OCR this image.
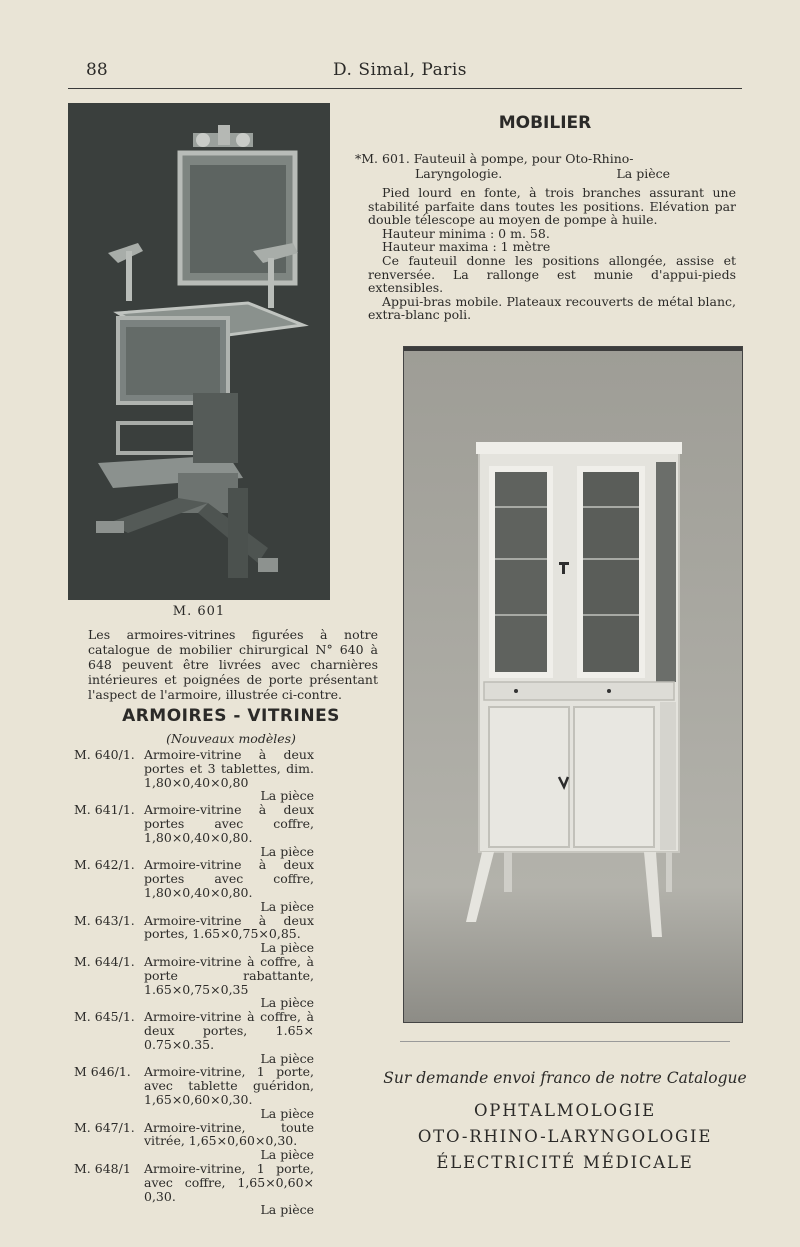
88	D. Simal, Paris
M. 601

Les armoires-vitrines figurées à notre catalogue de mobilier chirurgical N° 640 à 648 peuvent être livrées avec charnières intérieures et poignées de porte présentant l'aspect de l'armoire, illustrée ci-contre.

ARMOIRES - VITRINES
(Nouveaux modèles)
M. 640/1. Armoire-vitrine à deux portes et 3 tablettes, dim. 1,80×0,40×0,80
La pièce
M. 641/1. Armoire-vitrine à deux portes avec coffre, 1,80×0,40×0,80.
La pièce
M. 642/1. Armoire-vitrine à deux portes avec coffre, 1,80×0,40×0,80.
La pièce
M. 643/1. Armoire-vitrine à deux portes, 1.65×0,75×0,85.
La pièce
M. 644/1. Armoire-vitrine à coffre, à porte rabattante, 1.65×0,75×0,35
La pièce
M. 645/1. Armoire-vitrine à coffre, à deux portes, 1.65× 0.75×0.35.
La pièce
M 646/1.	Armoire-vitrine, 1 porte, avec tablette guéridon, 1,65×0,60×0,30.
La pièce
M. 647/1. Armoire-vitrine, toute vitrée, 1,65×0,60×0,30.
La pièce
M. 648/1	Armoire-vitrine, 1 porte, avec coffre, 1,65×0,60× 0,30.
La pièce
MOBILIER
*M. 601. Fauteuil à pompe, pour Oto-Rhino-
Laryngologie.	La pièce

Pied lourd en fonte, à trois branches assurant une stabilité parfaite dans toutes les positions. Elévation par double télescope au moyen de pompe à huile.

Hauteur minima : 0 m. 58.

Hauteur maxima : 1 mètre

Ce fauteuil donne les positions allongée, assise et renversée. La rallonge est munie d'appui-pieds extensibles.

Appui-bras mobile. Plateaux recouverts de métal blanc, extra-blanc poli.

Sur demande envoi franco de notre Catalogue
OPHTALMOLOGIE
OTO-RHINO-LARYNGOLOGIE
ÉLECTRICITÉ MÉDICALE
